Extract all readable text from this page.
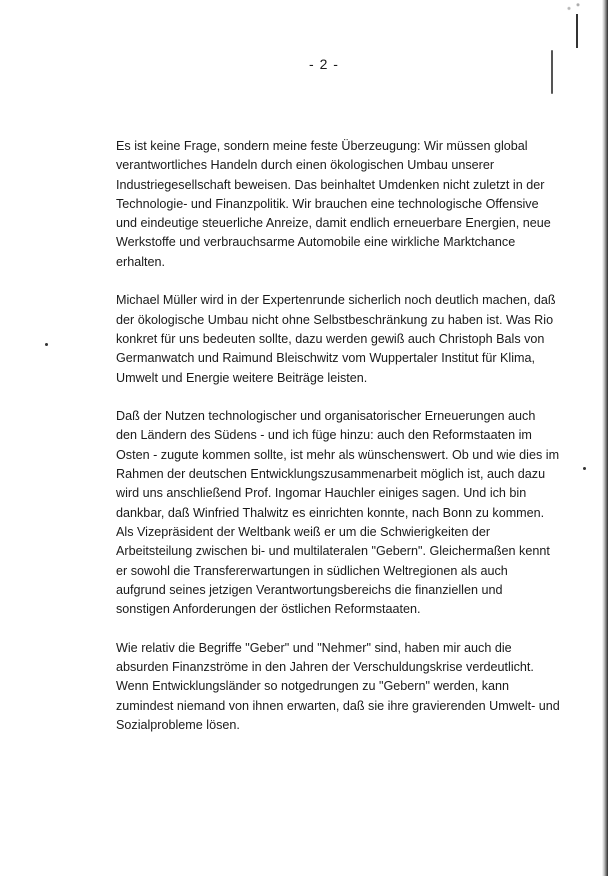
- 2 -

Es ist keine Frage, sondern meine feste Überzeugung: Wir müssen global
verantwortliches Handeln durch einen ökologischen Umbau unserer
Industriegesellschaft beweisen. Das beinhaltet Umdenken nicht zuletzt in der
Technologie- und Finanzpolitik. Wir brauchen eine technologische Offensive
und eindeutige steuerliche Anreize, damit endlich erneuerbare Energien, neue
Werkstoffe und verbrauchsarme Automobile eine wirkliche Marktchance
erhalten.

Michael Müller wird in der Expertenrunde sicherlich noch deutlich machen, daß
der ökologische Umbau nicht ohne Selbstbeschränkung zu haben ist. Was Rio
konkret für uns bedeuten sollte, dazu werden gewiß auch Christoph Bals von
Germanwatch und Raimund Bleischwitz vom Wuppertaler Institut für Klima,
Umwelt und Energie weitere Beiträge leisten.

Daß der Nutzen technologischer und organisatorischer Erneuerungen auch
den Ländern des Südens - und ich füge hinzu: auch den Reformstaaten im
Osten - zugute kommen sollte, ist mehr als wünschenswert. Ob und wie dies im
Rahmen der deutschen Entwicklungszusammenarbeit möglich ist, auch dazu
wird uns anschließend Prof. Ingomar Hauchler einiges sagen. Und ich bin
dankbar, daß Winfried Thalwitz es einrichten konnte, nach Bonn zu kommen.
Als Vizepräsident der Weltbank weiß er um die Schwierigkeiten der
Arbeitsteilung zwischen bi- und multilateralen "Gebern". Gleichermaßen kennt
er sowohl die Transfererwartungen in südlichen Weltregionen als auch
aufgrund seines jetzigen Verantwortungsbereichs die finanziellen und
sonstigen Anforderungen der östlichen Reformstaaten.

Wie relativ die Begriffe "Geber" und "Nehmer" sind, haben mir auch die
absurden Finanzströme in den Jahren der Verschuldungskrise verdeutlicht.
Wenn Entwicklungsländer so notgedrungen zu "Gebern" werden, kann
zumindest niemand von ihnen erwarten, daß sie ihre gravierenden Umwelt- und
Sozialprobleme lösen.
